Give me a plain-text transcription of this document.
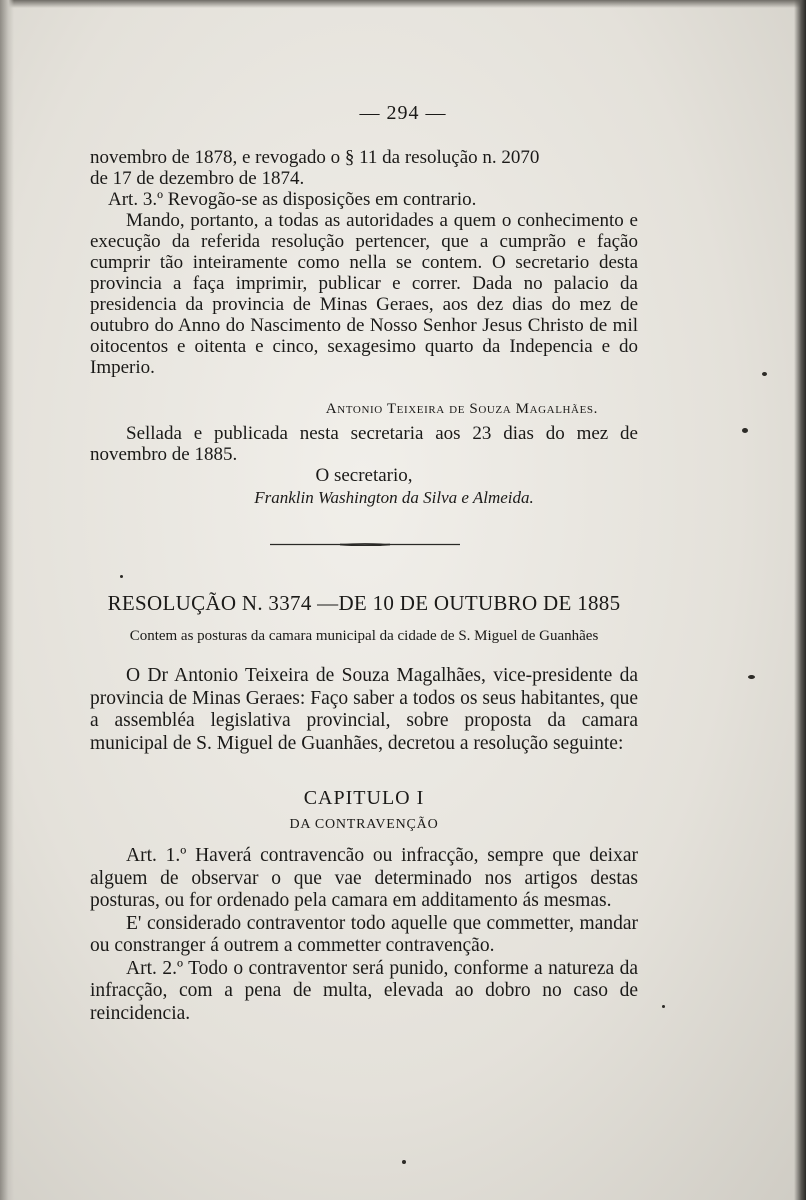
— 294 —

novembro de 1878, e revogado o § 11 da resolução n. 2070

de 17 de dezembro de 1874.

Art. 3.º Revogão-se as disposições em contrario.

Mando, portanto, a todas as autoridades a quem o conhecimento e execução da referida resolução pertencer, que a cumprão e fação cumprir tão inteiramente como nella se contem. O secretario desta provincia a faça imprimir, publicar e correr. Dada no palacio da presidencia da provincia de Minas Geraes, aos dez dias do mez de outubro do Anno do Nascimento de Nosso Senhor Jesus Christo de mil oitocentos e oitenta e cinco, sexagesimo quarto da Indepencia e do Imperio.

Antonio Teixeira de Souza Magalhães.

Sellada e publicada nesta secretaria aos 23 dias do mez de novembro de 1885.

O secretario,
Franklin Washington da Silva e Almeida.
RESOLUÇÃO N. 3374 —DE 10 DE OUTUBRO DE 1885
Contem as posturas da camara municipal da cidade de S. Miguel de Guanhães

O Dr Antonio Teixeira de Souza Magalhães, vice-presidente da provincia de Minas Geraes: Faço saber a todos os seus habitantes, que a assembléa legislativa provincial, sobre proposta da camara municipal de S. Miguel de Guanhães, decretou a resolução seguinte:

CAPITULO I
DA CONTRAVENÇÃO

Art. 1.º Haverá contravencão ou infracção, sempre que deixar alguem de observar o que vae determinado nos artigos destas posturas, ou for ordenado pela camara em additamento ás mesmas.

E' considerado contraventor todo aquelle que commetter, mandar ou constranger á outrem a commetter contravenção.

Art. 2.º Todo o contraventor será punido, conforme a natureza da infracção, com a pena de multa, elevada ao dobro no caso de reincidencia.
